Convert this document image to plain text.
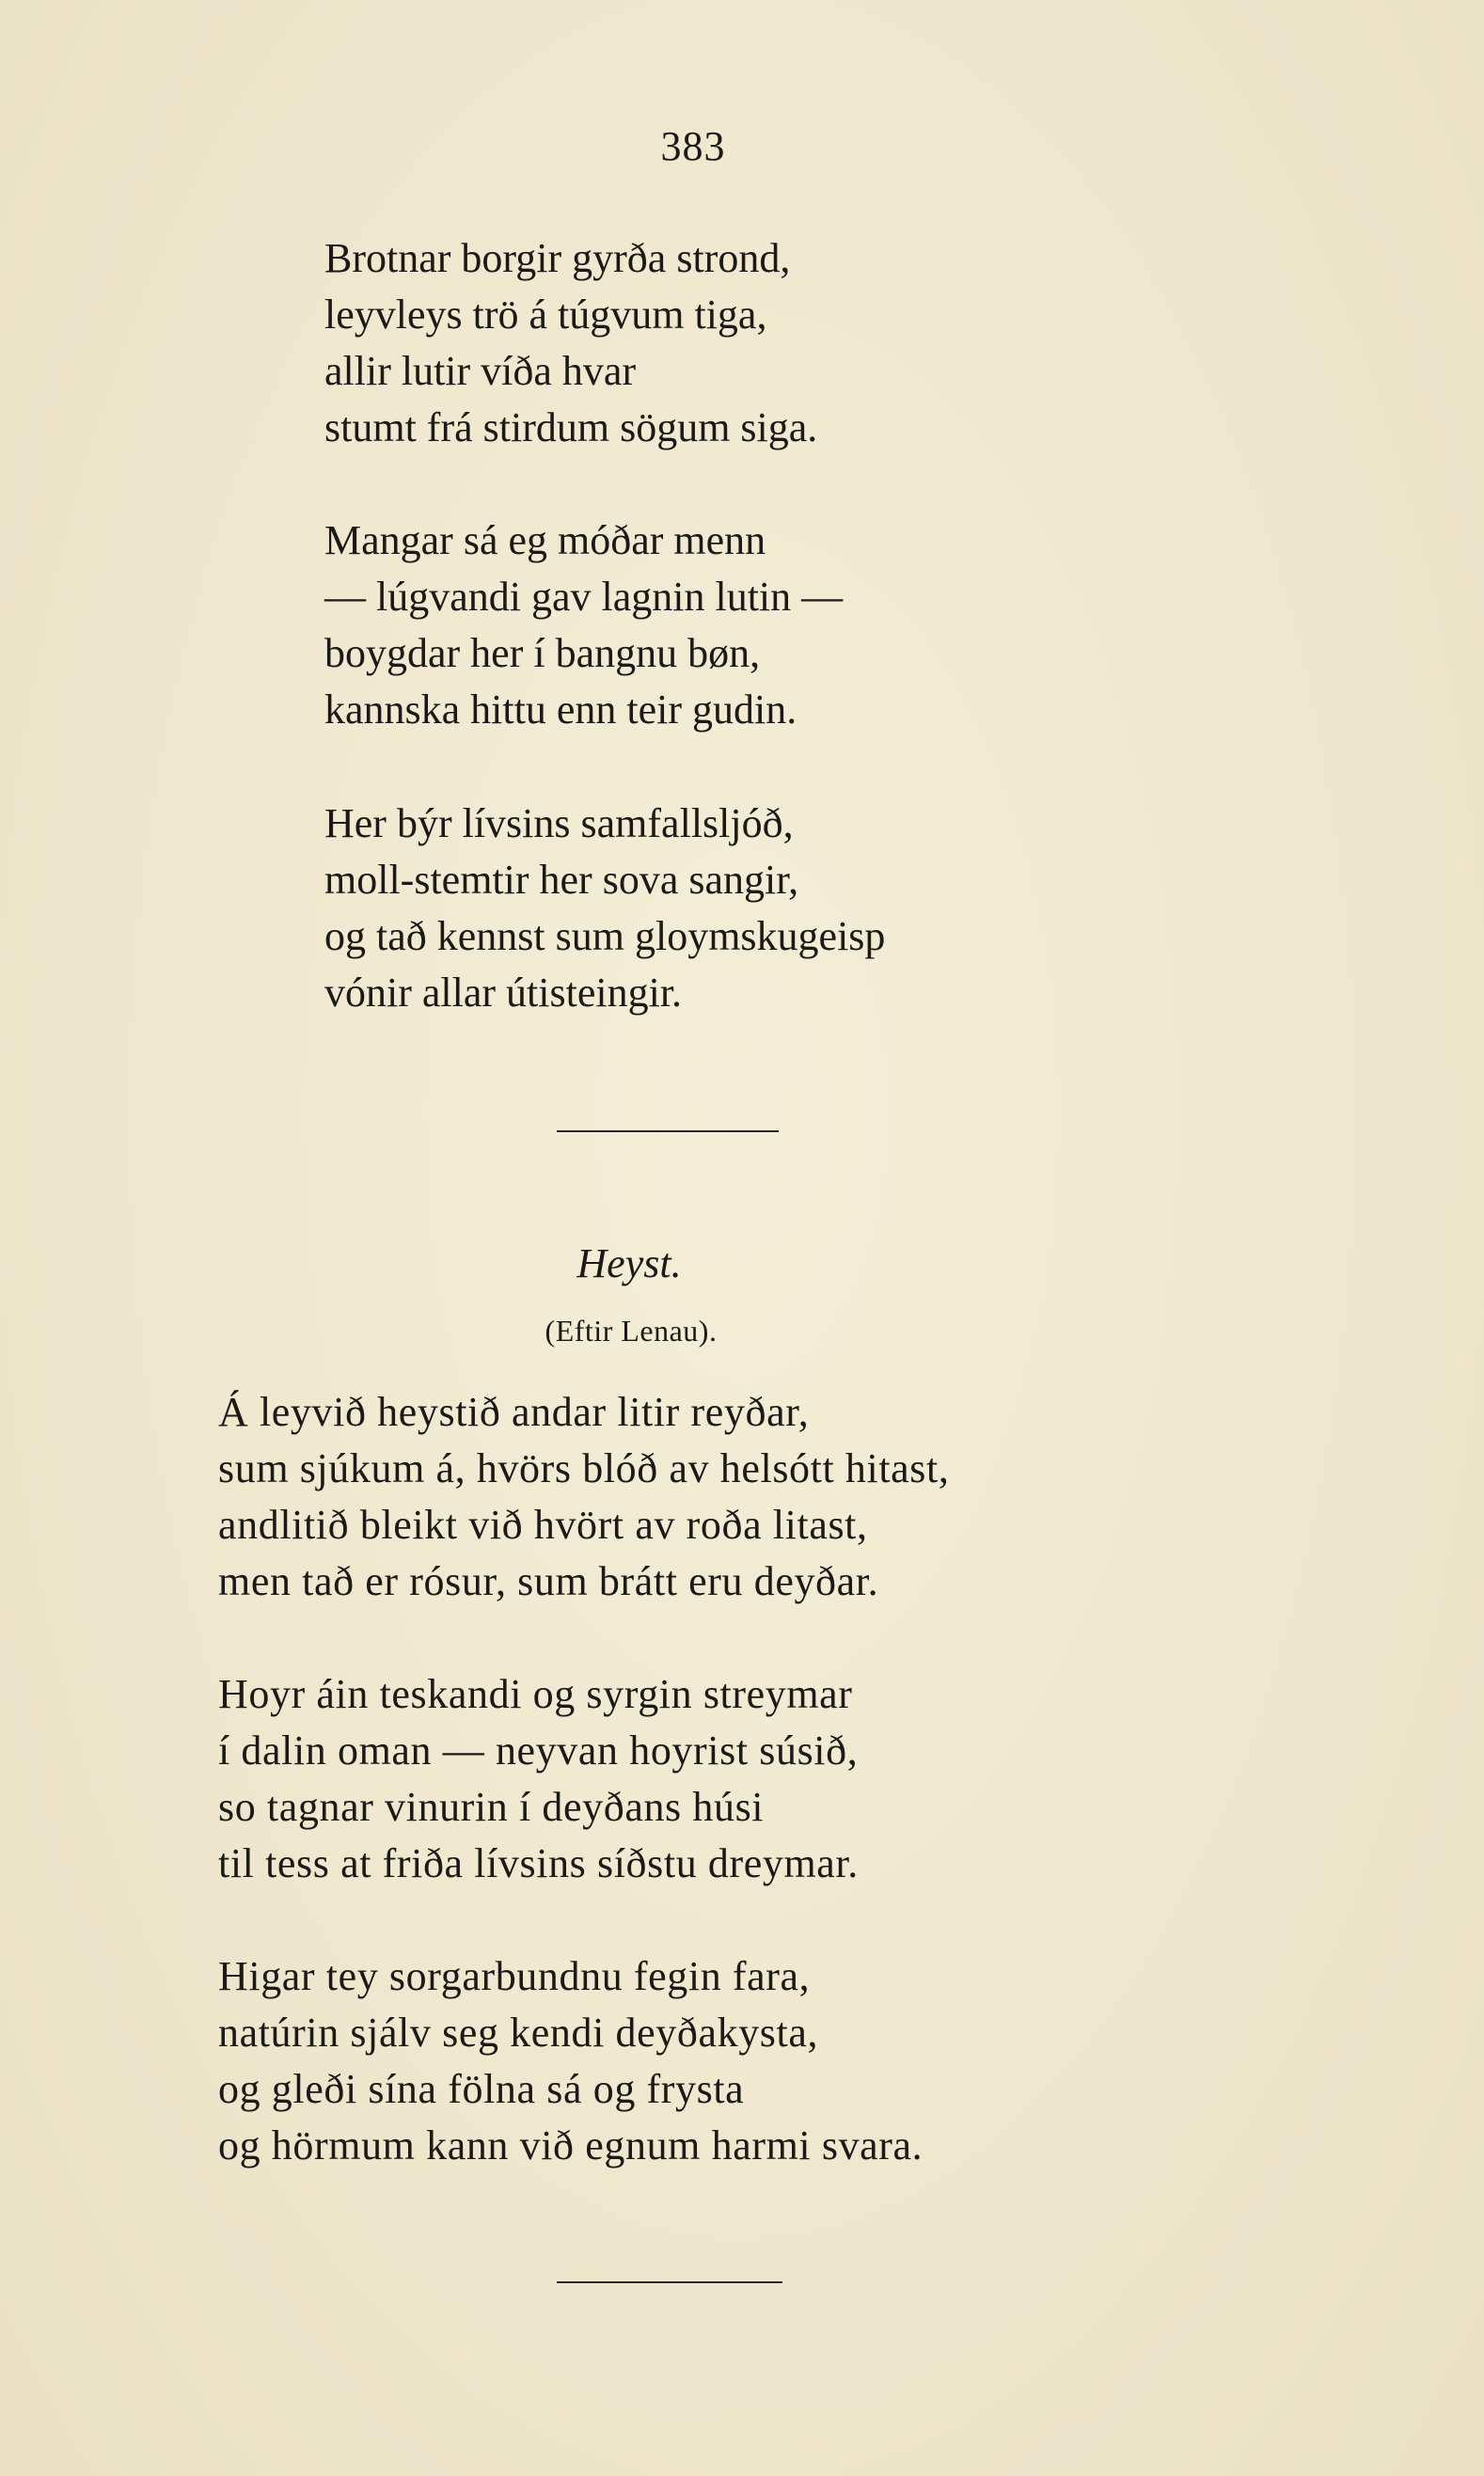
383
Brotnar borgir gyrða strond,
leyvleys trö á túgvum tiga,
allir lutir víða hvar
stumt frá stirdum sögum siga.
Mangar sá eg móðar menn
— lúgvandi gav lagnin lutin —
boygdar her í bangnu bøn,
kannska hittu enn teir gudin.
Her býr lívsins samfallsljóð,
moll-stemtir her sova sangir,
og tað kennst sum gloymskugeisp
vónir allar útisteingir.
Heyst.
(Eftir Lenau).
Á leyvið heystið andar litir reyðar,
sum sjúkum á, hvörs blóð av helsótt hitast,
andlitið bleikt við hvört av roða litast,
men tað er rósur, sum brátt eru deyðar.
Hoyr áin teskandi og syrgin streymar
í dalin oman — neyvan hoyrist súsið,
so tagnar vinurin í deyðans húsi
til tess at friða lívsins síðstu dreymar.
Higar tey sorgarbundnu fegin fara,
natúrin sjálv seg kendi deyðakysta,
og gleði sína fölna sá og frysta
og hörmum kann við egnum harmi svara.
